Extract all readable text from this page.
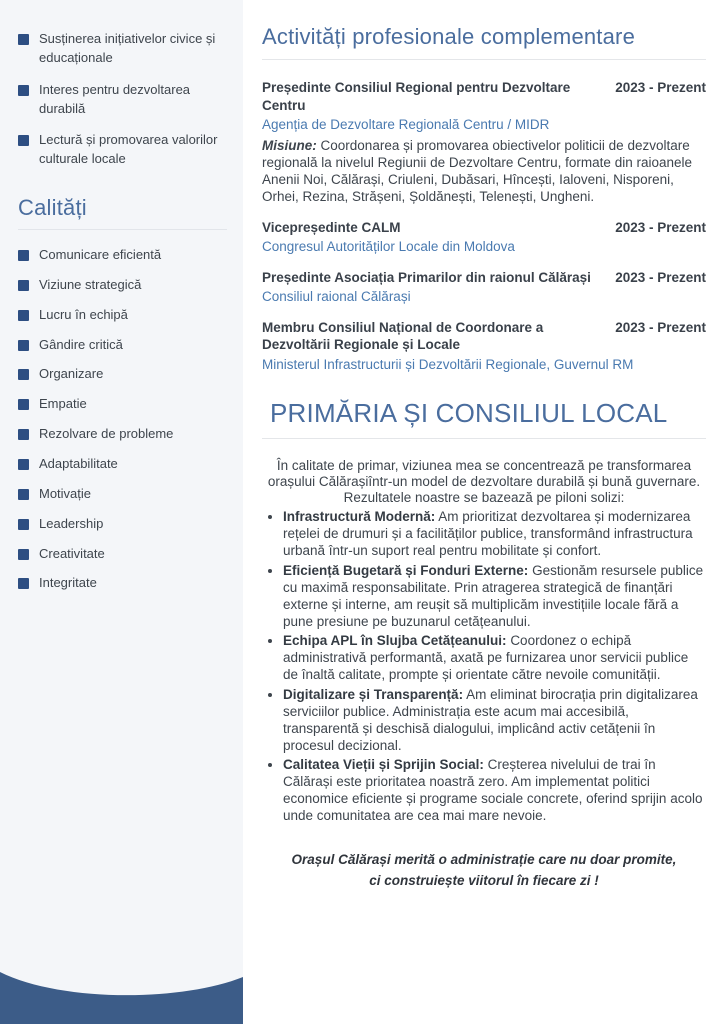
Susținerea inițiativelor civice și educaționale
Interes pentru dezvoltarea durabilă
Lectură și promovarea valorilor culturale locale
Calități
Comunicare eficientă
Viziune strategică
Lucru în echipă
Gândire critică
Organizare
Empatie
Rezolvare de probleme
Adaptabilitate
Motivație
Leadership
Creativitate
Integritate
Activități profesionale complementare
Președinte Consiliul Regional pentru Dezvoltare Centru
2023 - Prezent
Agenția de Dezvoltare Regională Centru / MIDR

Misiune: Coordonarea și promovarea obiectivelor politicii de dezvoltare regională la nivelul Regiunii de Dezvoltare Centru, formate din raioanele Anenii Noi, Călărași, Criuleni, Dubăsari, Hîncești, Ialoveni, Nisporeni, Orhei, Rezina, Strășeni, Șoldănești, Telenești, Ungheni.

Vicepreședinte CALM	2023 - Prezent
Congresul Autorităților Locale din Moldova
Președinte Asociația Primarilor din raionul Călărași 2023 - Prezent
Consiliul raional Călărași
Membru Consiliul Național de Coordonare a Dezvoltării Regionale și Locale
2023 - Prezent
Ministerul Infrastructurii și Dezvoltării Regionale, Guvernul RM
PRIMĂRIA ȘI CONSILIUL LOCAL

În calitate de primar, viziunea mea se concentrează pe transformarea orașului Călărașiîntr-un model de dezvoltare durabilă și bună guvernare. Rezultatele noastre se bazează pe piloni solizi:

• Infrastructură Modernă: Am prioritizat dezvoltarea și modernizarea rețelei de drumuri și a facilităților publice, transformând infrastructura urbană într-un suport real pentru mobilitate și confort.
• Eficiență Bugetară și Fonduri Externe: Gestionăm resursele publice cu maximă responsabilitate. Prin atragerea strategică de finanțări externe și interne, am reușit să multiplicăm investițiile locale fără a pune presiune pe buzunarul cetățeanului.
• Echipa APL în Slujba Cetățeanului: Coordonez o echipă administrativă performantă, axată pe furnizarea unor servicii publice de înaltă calitate, prompte și orientate către nevoile comunității.
• Digitalizare și Transparență: Am eliminat birocrația prin digitalizarea serviciilor publice. Administrația este acum mai accesibilă, transparentă și deschisă dialogului, implicând activ cetățenii în procesul decizional.
• Calitatea Vieții și Sprijin Social: Creșterea nivelului de trai în Călărași este prioritatea noastră zero. Am implementat politici economice eficiente și programe sociale concrete, oferind sprijin acolo unde comunitatea are cea mai mare nevoie.

Orașul Călărași merită o administrație care nu doar promite,
ci construiește viitorul în fiecare zi !
